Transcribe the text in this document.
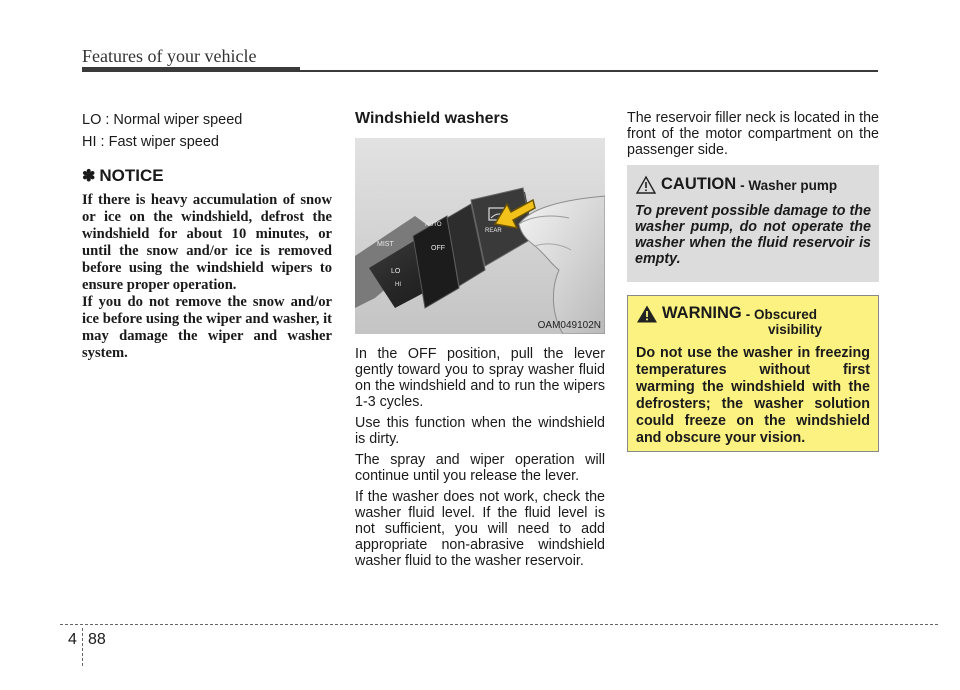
Features of your vehicle
LO : Normal wiper speed
HI : Fast wiper speed
✽ NOTICE
If there is heavy accumulation of snow or ice on the windshield, defrost the windshield for about 10 minutes, or until the snow and/or ice is removed before using the windshield wipers to ensure proper operation.
If you do not remove the snow and/or ice before using the wiper and washer, it may damage the wiper and washer system.
Windshield washers
MIST
LO
HI
OFF
AUTO
REAR
OAM049102N

In the OFF position, pull the lever gently toward you to spray washer fluid on the windshield and to run the wipers 1-3 cycles.

Use this function when the windshield is dirty.

The spray and wiper operation will continue until you release the lever.

If the washer does not work, check the washer fluid level. If the fluid level is not sufficient, you will need to add appropriate non-abrasive windshield washer fluid to the washer reservoir.

The reservoir filler neck is located in the front of the motor compartment on the passenger side.

CAUTION - Washer pump
To prevent possible damage to the washer pump, do not operate the washer when the fluid reservoir is empty.
WARNING - Obscured
visibility
Do not use the washer in freezing temperatures without first warming the windshield with the defrosters; the washer solution could freeze on the windshield and obscure your vision.
4 88
